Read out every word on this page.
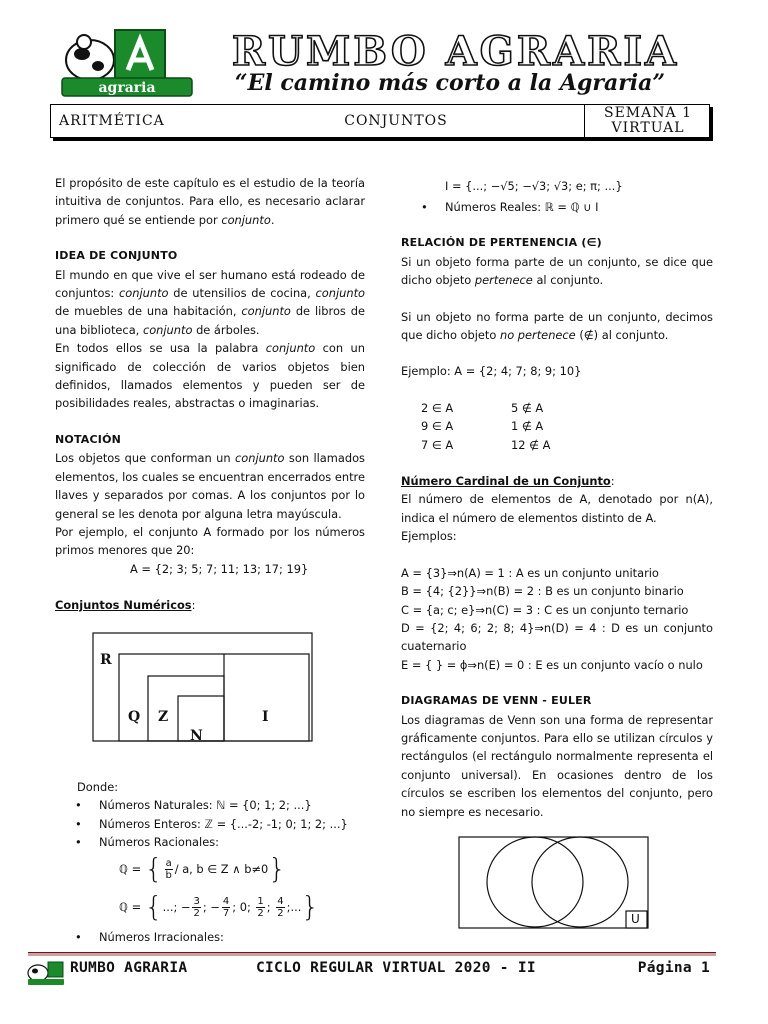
agraria
RUMBO AGRARIA
“El camino más corto a la Agraria”
ARITMÉTICA	CONJUNTOS	SEMANA 1
VIRTUAL

El propósito de este capítulo es el estudio de la teoría intuitiva de conjuntos. Para ello, es necesario aclarar primero qué se entiende por conjunto.

IDEA DE CONJUNTO

El mundo en que vive el ser humano está rodeado de conjuntos: conjunto de utensilios de cocina, conjunto de muebles de una habitación, conjunto de libros de una biblioteca, conjunto de árboles.

En todos ellos se usa la palabra conjunto con un significado de colección de varios objetos bien definidos, llamados elementos y pueden ser de posibilidades reales, abstractas o imaginarias.

NOTACIÓN

Los objetos que conforman un conjunto son llamados elementos, los cuales se encuentran encerrados entre llaves y separados por comas. A los conjuntos por lo general se les denota por alguna letra mayúscula.

Por ejemplo, el conjunto A formado por los números primos menores que 20:

A = {2; 3; 5; 7; 11; 13; 17; 19}

Conjuntos Numéricos:

R
Q Z
N
I

Donde:

• Números Naturales: ℕ = {0; 1; 2; ...}

• Números Enteros: ℤ = {...-2; -1; 0; 1; 2; ...}

• Números Racionales:

ℚ
=
{ $\frac{a}{b}$ / a, b ∈ Z ∧ b≠0 }
ℚ
=
{ ...; − $\frac{3}{2}$ ; − $\frac{4}{7}$ ; 0;
$\frac{1}{2}$ ;
$\frac{4}{2}$ ;... }

• Números Irracionales:

I = {...; −√5; −√3; √3; e; π; ...}

• Números Reales: ℝ = ℚ ∪ I

RELACIÓN DE PERTENENCIA (∈)

Si un objeto forma parte de un conjunto, se dice que dicho objeto pertenece al conjunto.

Si un objeto no forma parte de un conjunto, decimos que dicho objeto no pertenece (∉) al conjunto.

Ejemplo: A = {2; 4; 7; 8; 9; 10}

2 ∈ A	5 ∉ A
9 ∈ A	1 ∉ A
7 ∈ A	12 ∉ A

Número Cardinal de un Conjunto:

El número de elementos de A, denotado por n(A), indica el número de elementos distinto de A.

Ejemplos:

A = {3}⇒n(A) = 1 : A es un conjunto unitario

B = {4; {2}}⇒n(B) = 2 : B es un conjunto binario

C = {a; c; e}⇒n(C) = 3 : C es un conjunto ternario

D = {2; 4; 6; 2; 8; 4}⇒n(D) = 4 : D es un conjunto cuaternario

E = { } = ϕ⇒n(E) = 0 : E es un conjunto vacío o nulo

DIAGRAMAS DE VENN - EULER

Los diagramas de Venn son una forma de representar gráficamente conjuntos. Para ello se utilizan círculos y rectángulos (el rectángulo normalmente representa el conjunto universal). En ocasiones dentro de los círculos se escriben los elementos del conjunto, pero no siempre es necesario.

U
RUMBO AGRARIA	CICLO REGULAR VIRTUAL 2020 - II	Página 1
